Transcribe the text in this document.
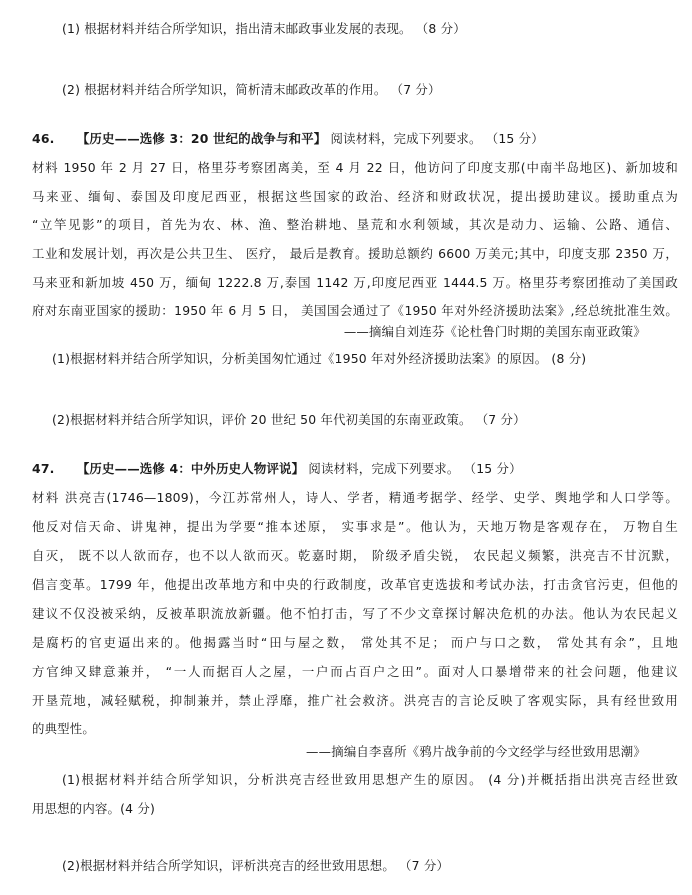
(1) 根据材料并结合所学知识，指出清末邮政事业发展的表现。 （8 分）
(2) 根据材料并结合所学知识，简析清末邮政改革的作用。 （7 分）
46. 【历史——选修 3：20 世纪的战争与和平】 阅读材料，完成下列要求。 （15 分）
材料 1950 年 2 月 27 日，格里芬考察团离美，至 4 月 22 日，他访问了印度支那(中南半岛地区)、新加坡和
马来亚、缅甸、泰国及印度尼西亚，根据这些国家的政治、经济和财政状况，提出援助建议。援助重点为
“立竿见影”的项目，首先为农、林、渔、整治耕地、垦荒和水利领域，其次是动力、运输、公路、通信、
工业和发展计划，再次是公共卫生、 医疗， 最后是教育。援助总额约 6600 万美元;其中，印度支那 2350 万，
马来亚和新加坡 450 万，缅甸 1222.8 万,泰国 1142 万,印度尼西亚 1444.5 万。格里芬考察团推动了美国政
府对东南亚国家的援助：1950 年 6 月 5 日， 美国国会通过了《1950 年对外经济援助法案》,经总统批准生效。
——摘编自刘连芬《论杜鲁门时期的美国东南亚政策》
(1)根据材料并结合所学知识，分析美国匆忙通过《1950 年对外经济援助法案》的原因。 (8 分)
(2)根据材料并结合所学知识，评价 20 世纪 50 年代初美国的东南亚政策。 （7 分）
47. 【历史——选修 4：中外历史人物评说】 阅读材料，完成下列要求。 （15 分）
材料 洪亮吉(1746—1809)，今江苏常州人，诗人、学者，精通考据学、经学、史学、舆地学和人口学等。
他反对信天命、讲鬼神，提出为学要“推本述原， 实事求是”。他认为，天地万物是客观存在， 万物自生
自灭， 既不以人欲而存，也不以人欲而灭。乾嘉时期， 阶级矛盾尖锐， 农民起义频繁，洪亮吉不甘沉默，
倡言变革。1799 年，他提出改革地方和中央的行政制度，改革官吏选拔和考试办法，打击贪官污吏，但他的
建议不仅没被采纳，反被革职流放新疆。他不怕打击，写了不少文章探讨解决危机的办法。他认为农民起义
是腐朽的官吏逼出来的。他揭露当时“田与屋之数， 常处其不足； 而户与口之数， 常处其有余”，且地
方官绅又肆意兼并， “一人而据百人之屋，一户而占百户之田”。面对人口暴增带来的社会问题，他建议
开垦荒地，减轻赋税，抑制兼并，禁止浮靡，推广社会救济。洪亮吉的言论反映了客观实际，具有经世致用
的典型性。
——摘编自李喜所《鸦片战争前的今文经学与经世致用思潮》
(1)根据材料并结合所学知识，分析洪亮吉经世致用思想产生的原因。 (4 分)并概括指出洪亮吉经世致
用思想的内容。(4 分)
(2)根据材料并结合所学知识，评析洪亮吉的经世致用思想。 （7 分）
